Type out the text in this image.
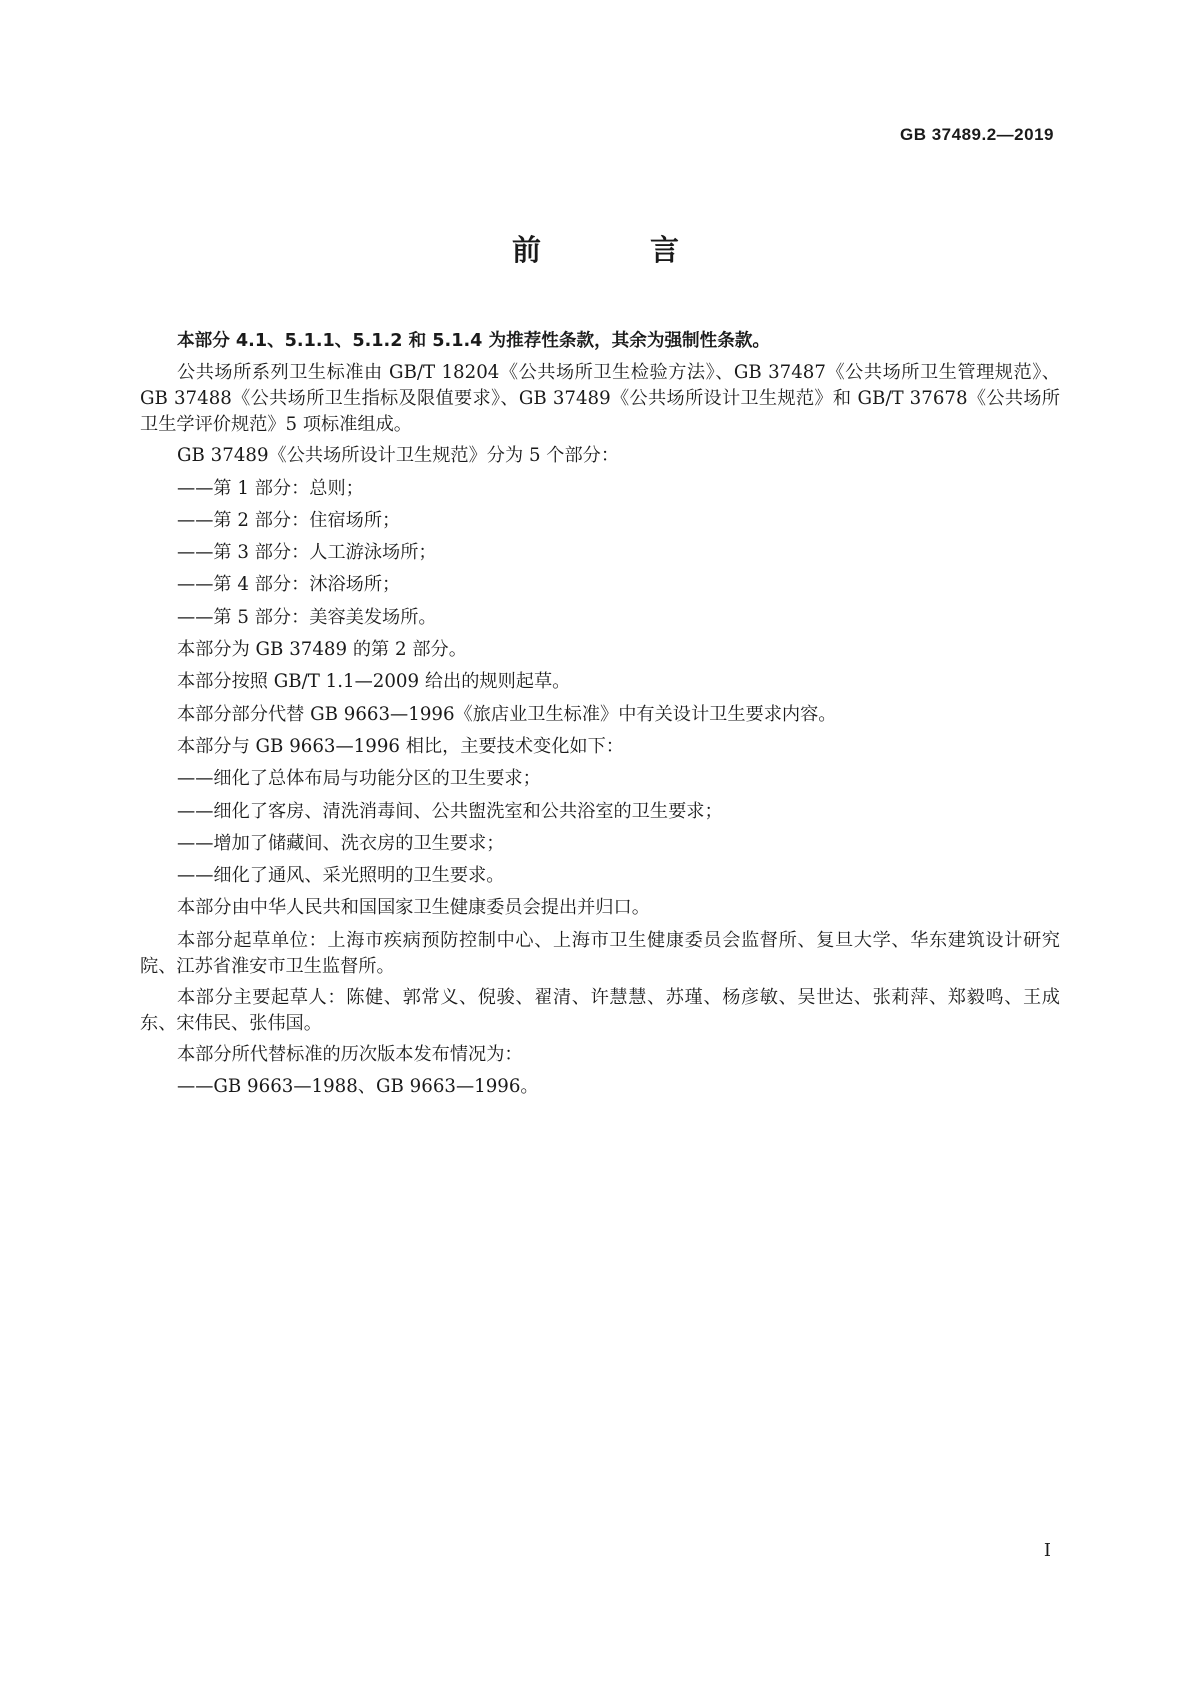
GB 37489.2—2019
前　言

本部分 4.1、5.1.1、5.1.2 和 5.1.4 为推荐性条款，其余为强制性条款。

公共场所系列卫生标准由 GB/T 18204《公共场所卫生检验方法》、GB 37487《公共场所卫生管理规范》、GB 37488《公共场所卫生指标及限值要求》、GB 37489《公共场所设计卫生规范》和 GB/T 37678《公共场所卫生学评价规范》5 项标准组成。

GB 37489《公共场所设计卫生规范》分为 5 个部分：

——第 1 部分：总则；

——第 2 部分：住宿场所；

——第 3 部分：人工游泳场所；

——第 4 部分：沐浴场所；

——第 5 部分：美容美发场所。

本部分为 GB 37489 的第 2 部分。

本部分按照 GB/T 1.1—2009 给出的规则起草。

本部分部分代替 GB 9663—1996《旅店业卫生标准》中有关设计卫生要求内容。

本部分与 GB 9663—1996 相比，主要技术变化如下：

——细化了总体布局与功能分区的卫生要求；

——细化了客房、清洗消毒间、公共盥洗室和公共浴室的卫生要求；

——增加了储藏间、洗衣房的卫生要求；

——细化了通风、采光照明的卫生要求。

本部分由中华人民共和国国家卫生健康委员会提出并归口。

本部分起草单位：上海市疾病预防控制中心、上海市卫生健康委员会监督所、复旦大学、华东建筑设计研究院、江苏省淮安市卫生监督所。

本部分主要起草人：陈健、郭常义、倪骏、翟清、许慧慧、苏瑾、杨彦敏、吴世达、张莉萍、郑毅鸣、王成东、宋伟民、张伟国。

本部分所代替标准的历次版本发布情况为：

——GB 9663—1988、GB 9663—1996。

I
